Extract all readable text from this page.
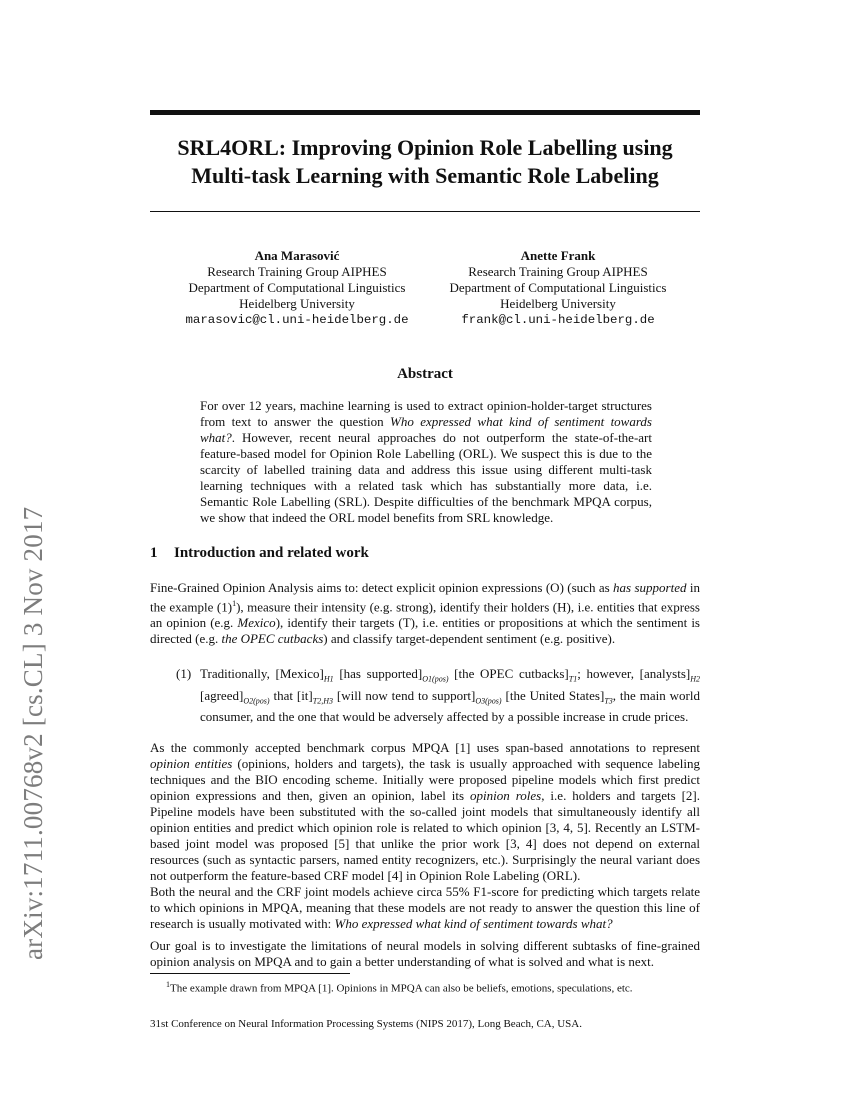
arXiv:1711.00768v2 [cs.CL] 3 Nov 2017
SRL4ORL: Improving Opinion Role Labelling using
Multi-task Learning with Semantic Role Labeling
Ana Marasović
Research Training Group AIPHES
Department of Computational Linguistics
Heidelberg University
marasovic@cl.uni-heidelberg.de
Anette Frank
Research Training Group AIPHES
Department of Computational Linguistics
Heidelberg University
frank@cl.uni-heidelberg.de
Abstract
For over 12 years, machine learning is used to extract opinion-holder-target structures from text to answer the question Who expressed what kind of sentiment towards what?. However, recent neural approaches do not outperform the state-of-the-art feature-based model for Opinion Role Labelling (ORL). We suspect this is due to the scarcity of labelled training data and address this issue using different multi-task learning techniques with a related task which has substantially more data, i.e. Semantic Role Labelling (SRL). Despite difficulties of the benchmark MPQA corpus, we show that indeed the ORL model benefits from SRL knowledge.
1 Introduction and related work
Fine-Grained Opinion Analysis aims to: detect explicit opinion expressions (O) (such as has supported in the example $(1)^1$), measure their intensity (e.g. strong), identify their holders (H), i.e. entities that express an opinion (e.g. Mexico), identify their targets (T), i.e. entities or propositions at which the sentiment is directed (e.g. the OPEC cutbacks) and classify target-dependent sentiment (e.g. positive).
(1) Traditionally, $[Mexico]_{H1}$ [has $supported]_{O1(pos)}$ [the OPEC $cutbacks]_{T1}$; however, $[analysts]_{H2}$ $[agreed]_{O2(pos)}$ that $[it]_{T2,H3}$ [will now tend to $support]_{O3(pos)}$ [the United $States]_{T3}$, the main world consumer, and the one that would be adversely affected by a possible increase in crude prices.
As the commonly accepted benchmark corpus MPQA [1] uses span-based annotations to represent opinion entities (opinions, holders and targets), the task is usually approached with sequence labeling techniques and the BIO encoding scheme. Initially were proposed pipeline models which first predict opinion expressions and then, given an opinion, label its opinion roles, i.e. holders and targets [2]. Pipeline models have been substituted with the so-called joint models that simultaneously identify all opinion entities and predict which opinion role is related to which opinion [3, 4, 5]. Recently an LSTM-based joint model was proposed [5] that unlike the prior work [3, 4] does not depend on external resources (such as syntactic parsers, named entity recognizers, etc.). Surprisingly the neural variant does not outperform the feature-based CRF model [4] in Opinion Role Labeling (ORL).
Both the neural and the CRF joint models achieve circa 55% F1-score for predicting which targets relate to which opinions in MPQA, meaning that these models are not ready to answer the question this line of research is usually motivated with: Who expressed what kind of sentiment towards what?
Our goal is to investigate the limitations of neural models in solving different subtasks of fine-grained opinion analysis on MPQA and to gain a better understanding of what is solved and what is next.
$^1$The example drawn from MPQA [1]. Opinions in MPQA can also be beliefs, emotions, speculations, etc.
31st Conference on Neural Information Processing Systems (NIPS 2017), Long Beach, CA, USA.
